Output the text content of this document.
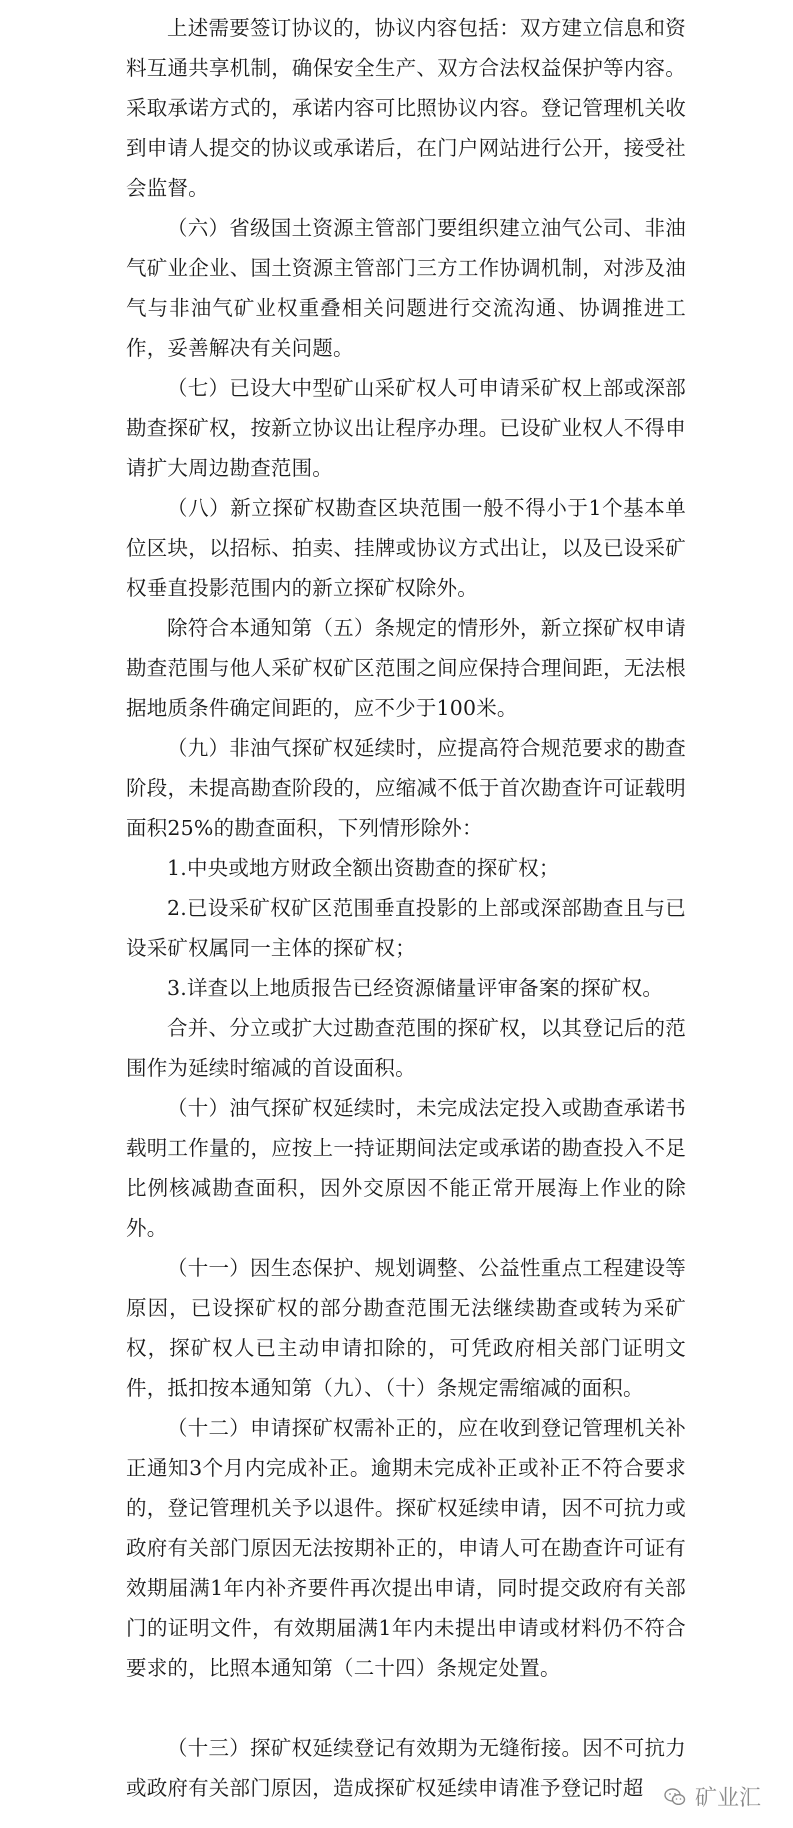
上述需要签订协议的，协议内容包括：双方建立信息和资料互通共享机制，确保安全生产、双方合法权益保护等内容。采取承诺方式的，承诺内容可比照协议内容。登记管理机关收到申请人提交的协议或承诺后，在门户网站进行公开，接受社会监督。

（六）省级国土资源主管部门要组织建立油气公司、非油气矿业企业、国土资源主管部门三方工作协调机制，对涉及油气与非油气矿业权重叠相关问题进行交流沟通、协调推进工作，妥善解决有关问题。

（七）已设大中型矿山采矿权人可申请采矿权上部或深部勘查探矿权，按新立协议出让程序办理。已设矿业权人不得申请扩大周边勘查范围。

（八）新立探矿权勘查区块范围一般不得小于1个基本单位区块，以招标、拍卖、挂牌或协议方式出让，以及已设采矿权垂直投影范围内的新立探矿权除外。

除符合本通知第（五）条规定的情形外，新立探矿权申请勘查范围与他人采矿权矿区范围之间应保持合理间距，无法根据地质条件确定间距的，应不少于100米。

（九）非油气探矿权延续时，应提高符合规范要求的勘查阶段，未提高勘查阶段的，应缩减不低于首次勘查许可证载明面积25%的勘查面积，下列情形除外：

1.中央或地方财政全额出资勘查的探矿权；

2.已设采矿权矿区范围垂直投影的上部或深部勘查且与已设采矿权属同一主体的探矿权；

3.详查以上地质报告已经资源储量评审备案的探矿权。

合并、分立或扩大过勘查范围的探矿权，以其登记后的范围作为延续时缩减的首设面积。

（十）油气探矿权延续时，未完成法定投入或勘查承诺书载明工作量的，应按上一持证期间法定或承诺的勘查投入不足比例核减勘查面积，因外交原因不能正常开展海上作业的除外。

（十一）因生态保护、规划调整、公益性重点工程建设等原因，已设探矿权的部分勘查范围无法继续勘查或转为采矿权，探矿权人已主动申请扣除的，可凭政府相关部门证明文件，抵扣按本通知第（九）、（十）条规定需缩减的面积。

（十二）申请探矿权需补正的，应在收到登记管理机关补正通知3个月内完成补正。逾期未完成补正或补正不符合要求的，登记管理机关予以退件。探矿权延续申请，因不可抗力或政府有关部门原因无法按期补正的，申请人可在勘查许可证有效期届满1年内补齐要件再次提出申请，同时提交政府有关部门的证明文件，有效期届满1年内未提出申请或材料仍不符合要求的，比照本通知第（二十四）条规定处置。

（十三）探矿权延续登记有效期为无缝衔接。因不可抗力或政府有关部门原因，造成探矿权延续申请准予登记时超	矿业汇
